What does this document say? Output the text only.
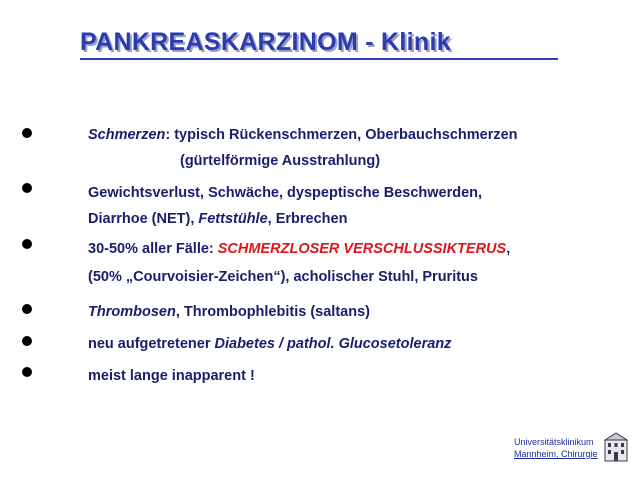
PANKREASKARZINOM - Klinik
Schmerzen: typisch Rückenschmerzen, Oberbauchschmerzen
(gürtelförmige Ausstrahlung)
Gewichtsverlust, Schwäche, dyspeptische Beschwerden,
Diarrhoe (NET), Fettstühle, Erbrechen
30-50% aller Fälle: SCHMERZLOSER VERSCHLUSSIKTERUS,
(50% „Courvoisier-Zeichen“), acholischer Stuhl, Pruritus
Thrombosen, Thrombophlebitis (saltans)
neu aufgetretener Diabetes / pathol. Glucosetoleranz
meist lange inapparent !
Universitätsklinikum
Mannheim, Chirurgie
